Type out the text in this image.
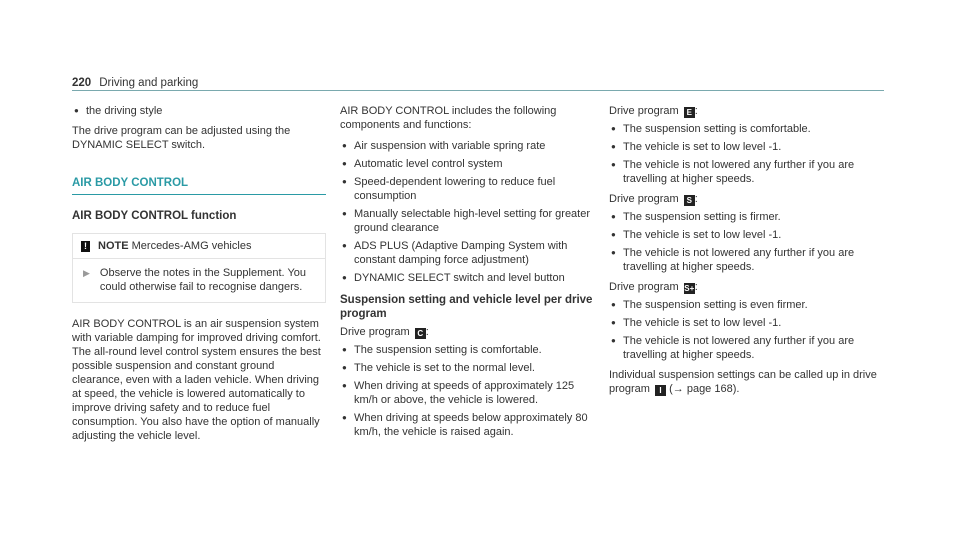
220 Driving and parking
● the driving style

The drive program can be adjusted using the DYNAMIC SELECT switch.

AIR BODY CONTROL
AIR BODY CONTROL function
! NOTE Mercedes-AMG vehicles
▶ Observe the notes in the Supplement. You could otherwise fail to recognise dangers.

AIR BODY CONTROL is an air suspension system with variable damping for improved driving comfort. The all-round level control system ensures the best possible suspension and constant ground clearance, even with a laden vehicle. When driving at speed, the vehicle is lowered automatically to improve driving safety and to reduce fuel consumption. You also have the option of manually adjusting the vehicle level.

AIR BODY CONTROL includes the following components and functions:

● Air suspension with variable spring rate
● Automatic level control system
● Speed-dependent lowering to reduce fuel consumption
● Manually selectable high-level setting for greater ground clearance
● ADS PLUS (Adaptive Damping System with constant damping force adjustment)
● DYNAMIC SELECT switch and level button
Suspension setting and vehicle level per drive program

Drive program C :

● The suspension setting is comfortable.
● The vehicle is set to the normal level.
● When driving at speeds of approximately 125 km/h or above, the vehicle is lowered.
● When driving at speeds below approximately 80 km/h, the vehicle is raised again.

Drive program E :

● The suspension setting is comfortable.
● The vehicle is set to low level -1.
● The vehicle is not lowered any further if you are travelling at higher speeds.

Drive program S :

● The suspension setting is firmer.
● The vehicle is set to low level -1.
● The vehicle is not lowered any further if you are travelling at higher speeds.

Drive program S+:

● The suspension setting is even firmer.
● The vehicle is set to low level -1.
● The vehicle is not lowered any further if you are travelling at higher speeds.

Individual suspension settings can be called up in drive program I (→ page 168).
